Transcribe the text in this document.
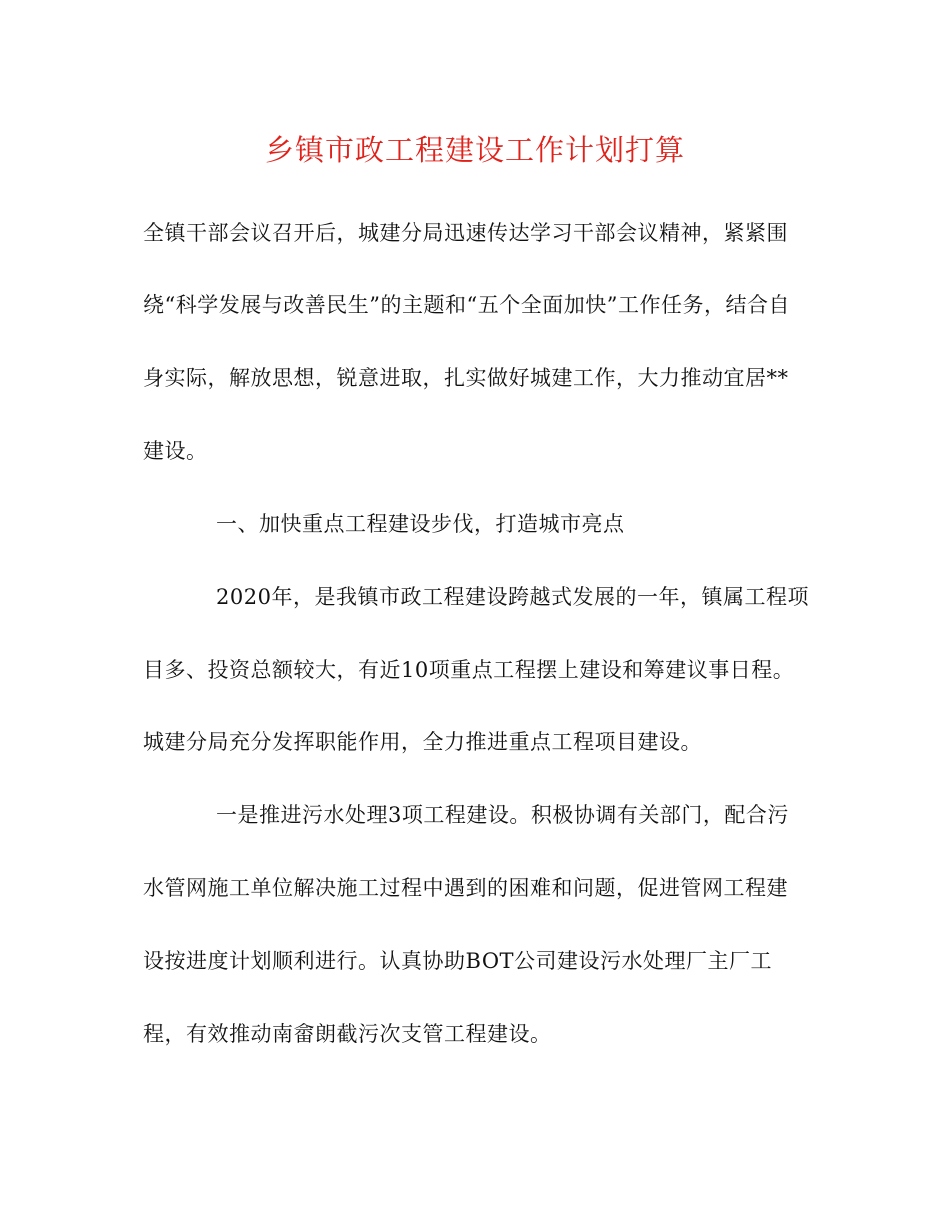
乡镇市政工程建设工作计划打算
全镇干部会议召开后，城建分局迅速传达学习干部会议精神，紧紧围
绕“科学发展与改善民生”的主题和“五个全面加快”工作任务，结合自
身实际，解放思想，锐意进取，扎实做好城建工作，大力推动宜居**
建设。
一、加快重点工程建设步伐，打造城市亮点
2020年，是我镇市政工程建设跨越式发展的一年，镇属工程项
目多、投资总额较大，有近10项重点工程摆上建设和筹建议事日程。
城建分局充分发挥职能作用，全力推进重点工程项目建设。
一是推进污水处理3项工程建设。积极协调有关部门，配合污
水管网施工单位解决施工过程中遇到的困难和问题，促进管网工程建
设按进度计划顺利进行。认真协助BOT公司建设污水处理厂主厂工
程，有效推动南畲朗截污次支管工程建设。
